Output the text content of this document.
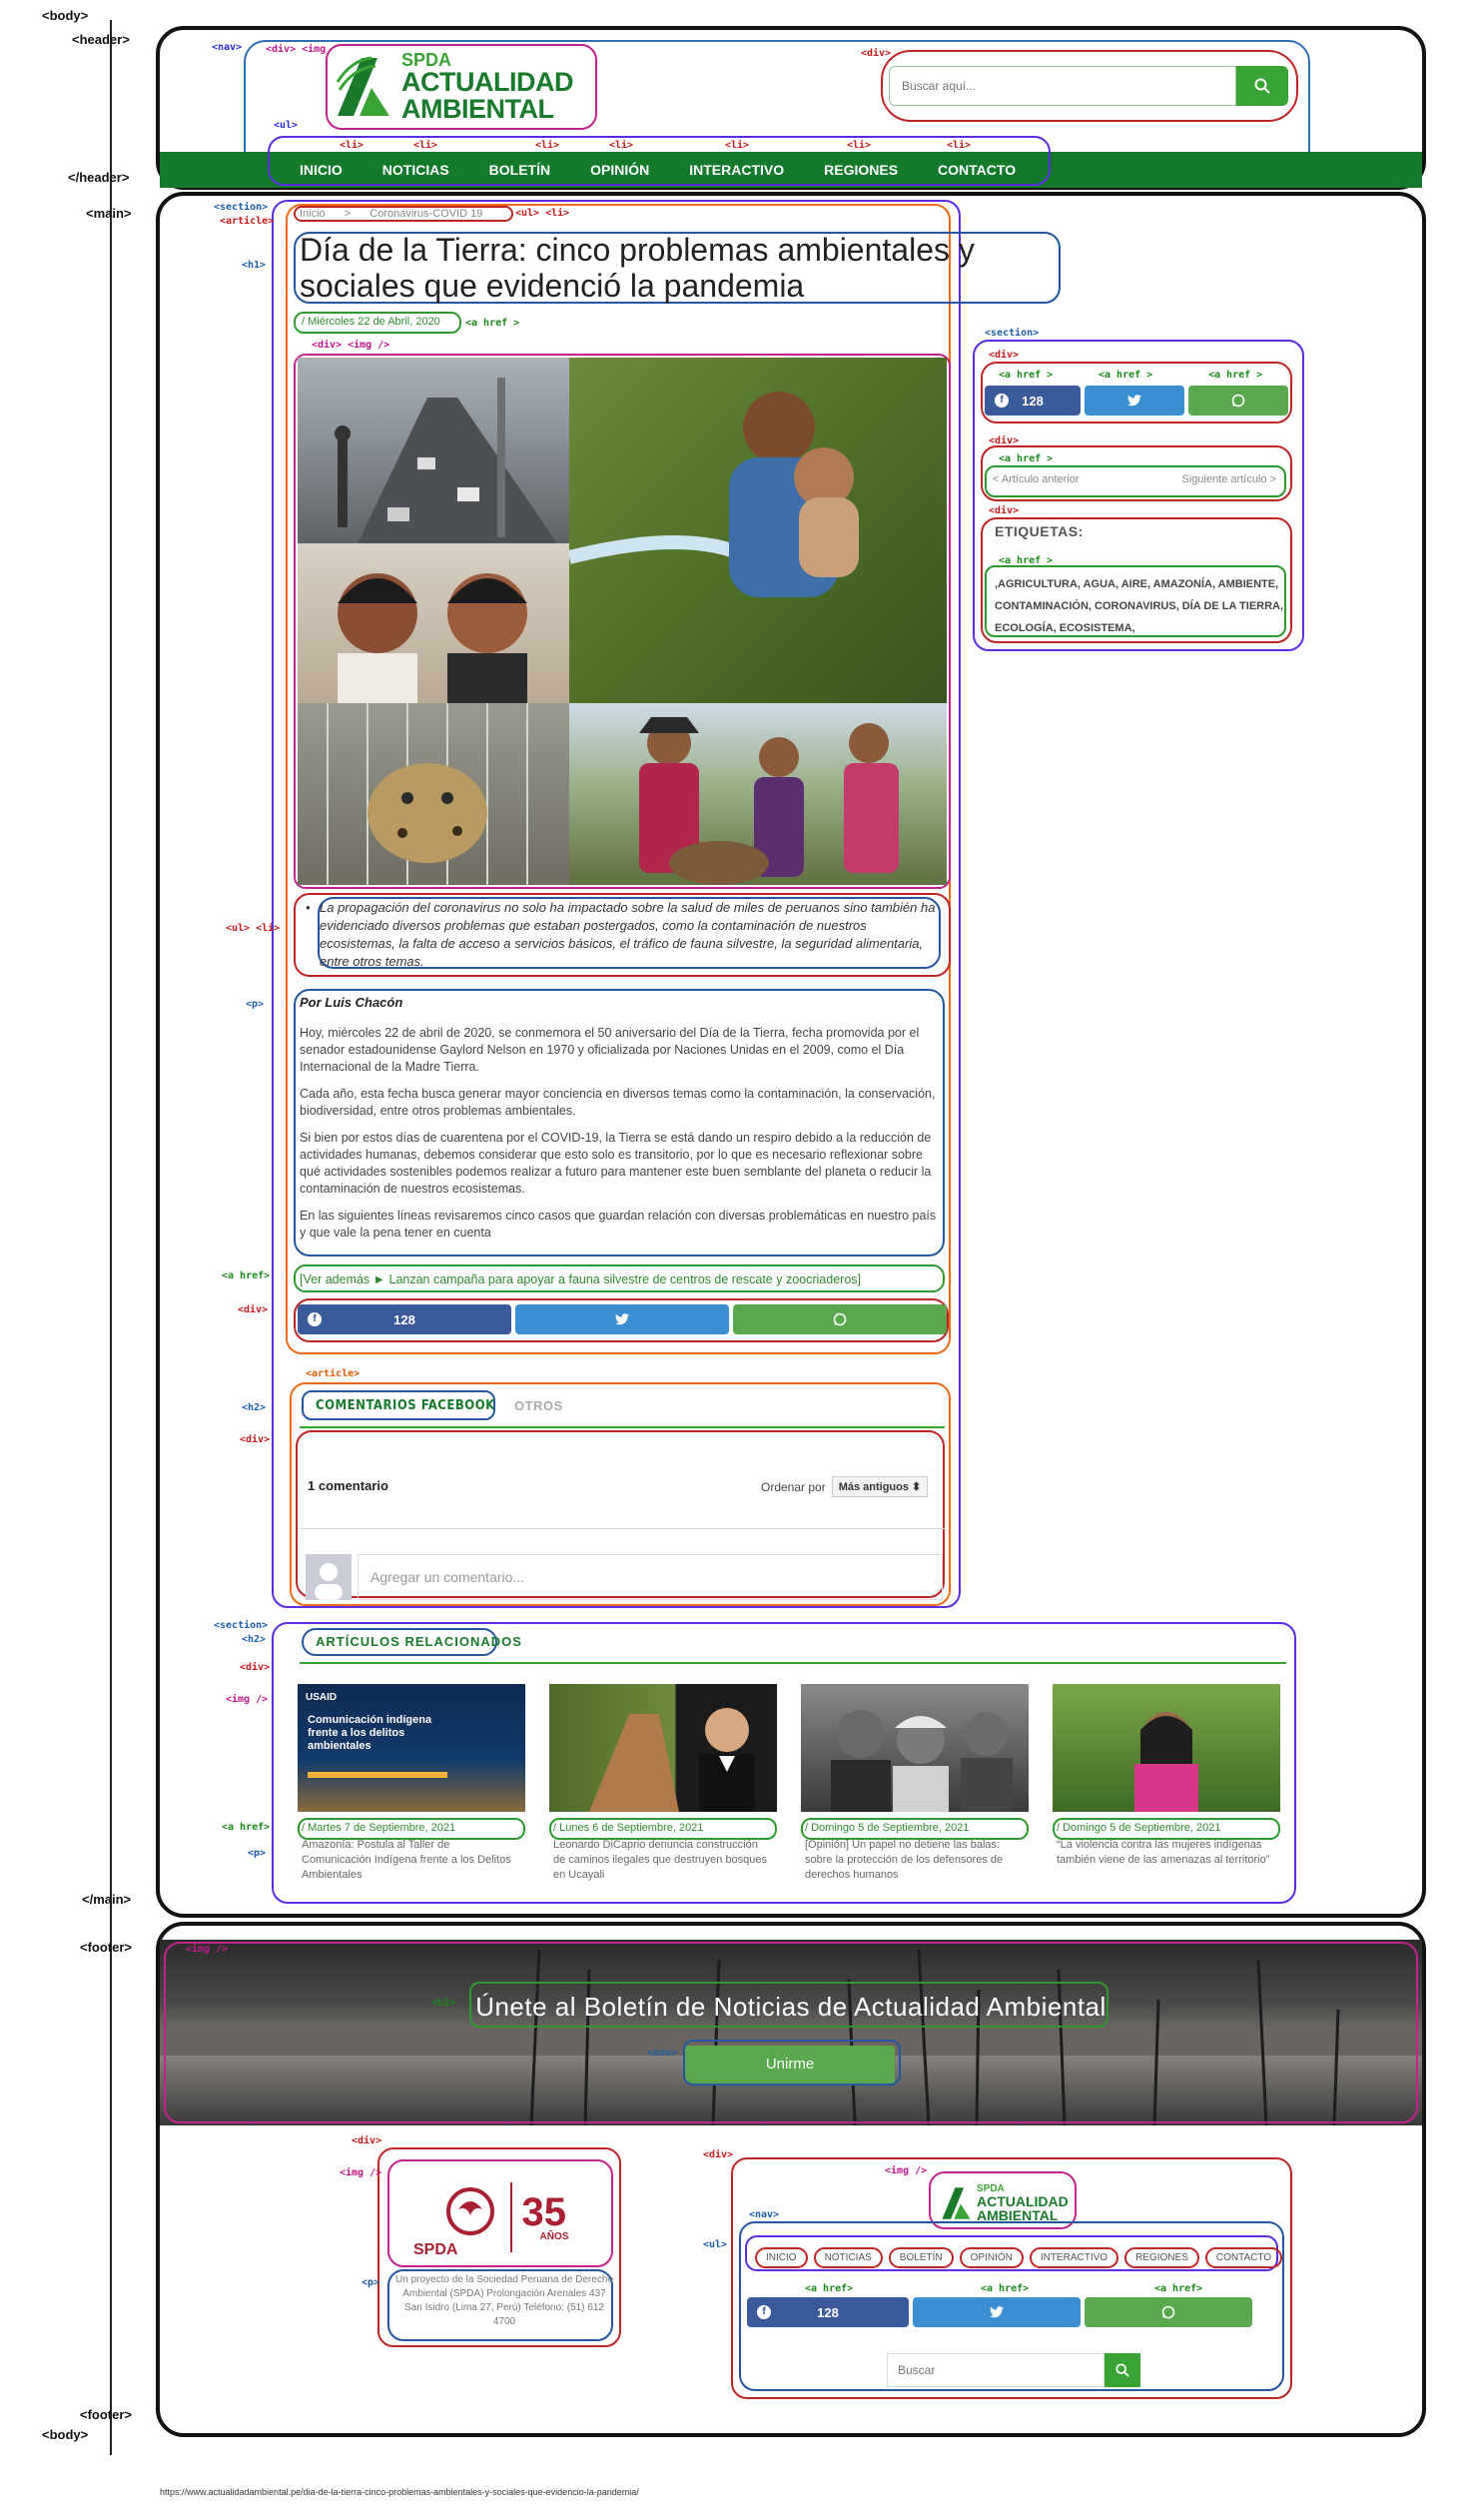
<body>
<header>
</header>
<main>
</main>
<footer>
<footer>
<body>
<nav> <div> <img	<div>
<ul>
SPDA
ACTUALIDAD
AMBIENTAL
Buscar aquí...
INICIO	NOTICIAS	BOLETÍN	OPINIÓN	INTERACTIVO	REGIONES	CONTACTO
<section>
<article>
<ul> <li>
Inicio > Coronavirus-COVID 19
<h1> Día de la Tierra: cinco problemas ambientales y sociales que evidenció la pandemia
<a href >
/ Miércoles 22 de Abril, 2020
<div> <img />
<ul> <li>
• La propagación del coronavirus no solo ha impactado sobre la salud de miles de peruanos sino también ha evidenciado diversos problemas que estaban postergados, como la contaminación de nuestros ecosistemas, la falta de acceso a servicios básicos, el tráfico de fauna silvestre, la seguridad alimentaria, entre otros temas.
<p>	Por Luis Chacón

Hoy, miércoles 22 de abril de 2020, se conmemora el 50 aniversario del Día de la Tierra, fecha promovida por el senador estadounidense Gaylord Nelson en 1970 y oficializada por Naciones Unidas en el 2009, como el Día Internacional de la Madre Tierra.

Cada año, esta fecha busca generar mayor conciencia en diversos temas como la contaminación, la conservación, biodiversidad, entre otros problemas ambientales.

Si bien por estos días de cuarentena por el COVID-19, la Tierra se está dando un respiro debido a la reducción de actividades humanas, debemos considerar que esto solo es transitorio, por lo que es necesario reflexionar sobre qué actividades sostenibles podemos realizar a futuro para mantener este buen semblante del planeta o reducir la contaminación de nuestros ecosistemas.

En las siguientes líneas revisaremos cinco casos que guardan relación con diversas problemáticas en nuestro país y que vale la pena tener en cuenta

<a href> [Ver además ► Lanzan campaña para apoyar a fauna silvestre de centros de rescate y zoocriaderos]
<div>
f	128
<section>
<div>
<a href >	<a href >	<a href >
f	128
<div>
<a href >
< Artículo anterior	Siguiente artículo >
<div>
ETIQUETAS:
<a href >
,AGRICULTURA, AGUA, AIRE, AMAZONÍA, AMBIENTE, CONTAMINACIÓN, CORONAVIRUS, DÍA DE LA TIERRA, ECOLOGÍA, ECOSISTEMA,
<article>
<h2>	COMENTARIOS FACEBOOK OTROS
<div>
1 comentario	Ordenar por	Más antiguos ⬍
Agregar un comentario...
<section>
<h2>
<div>
<img />
<a href>
<p>
ARTÍCULOS RELACIONADOS
USAID
Comunicación indígena frente a los delitos ambientales
/ Martes 7 de Septiembre, 2021
Amazonía: Postula al Taller de Comunicación Indígena frente a los Delitos Ambientales
/ Lunes 6 de Septiembre, 2021
Leonardo DiCaprio denuncia construcción de caminos ilegales que destruyen bosques en Ucayali
/ Domingo 5 de Septiembre, 2021
[Opinión] Un papel no detiene las balas: sobre la protección de los defensores de derechos humanos
/ Domingo 5 de Septiembre, 2021
“La violencia contra las mujeres indígenas también viene de las amenazas al territorio”
Únete al Boletín de Noticias de Actualidad Ambiental
Unirme
<img />
<h2>
<nav>
<div>
<img />
35
AÑOS
SPDA
<p> Un proyecto de la Sociedad Peruana de Derecho Ambiental (SPDA) Prolongación Arenales 437 San Isidro (Lima 27, Perú) Teléfono: (51) 612 4700
<div>
<img />
SPDA
ACTUALIDAD
AMBIENTAL
<nav>
<ul>
INICIO	NOTICIAS	BOLETÍN	OPINIÓN	INTERACTIVO	REGIONES	CONTACTO
<a href>	<a href>	<a href>
f	128
Buscar
https://www.actualidadambiental.pe/dia-de-la-tierra-cinco-problemas-ambientales-y-sociales-que-evidencio-la-pandemia/
<li>	<li>	<li>	<li>	<li>	<li>	<li>
